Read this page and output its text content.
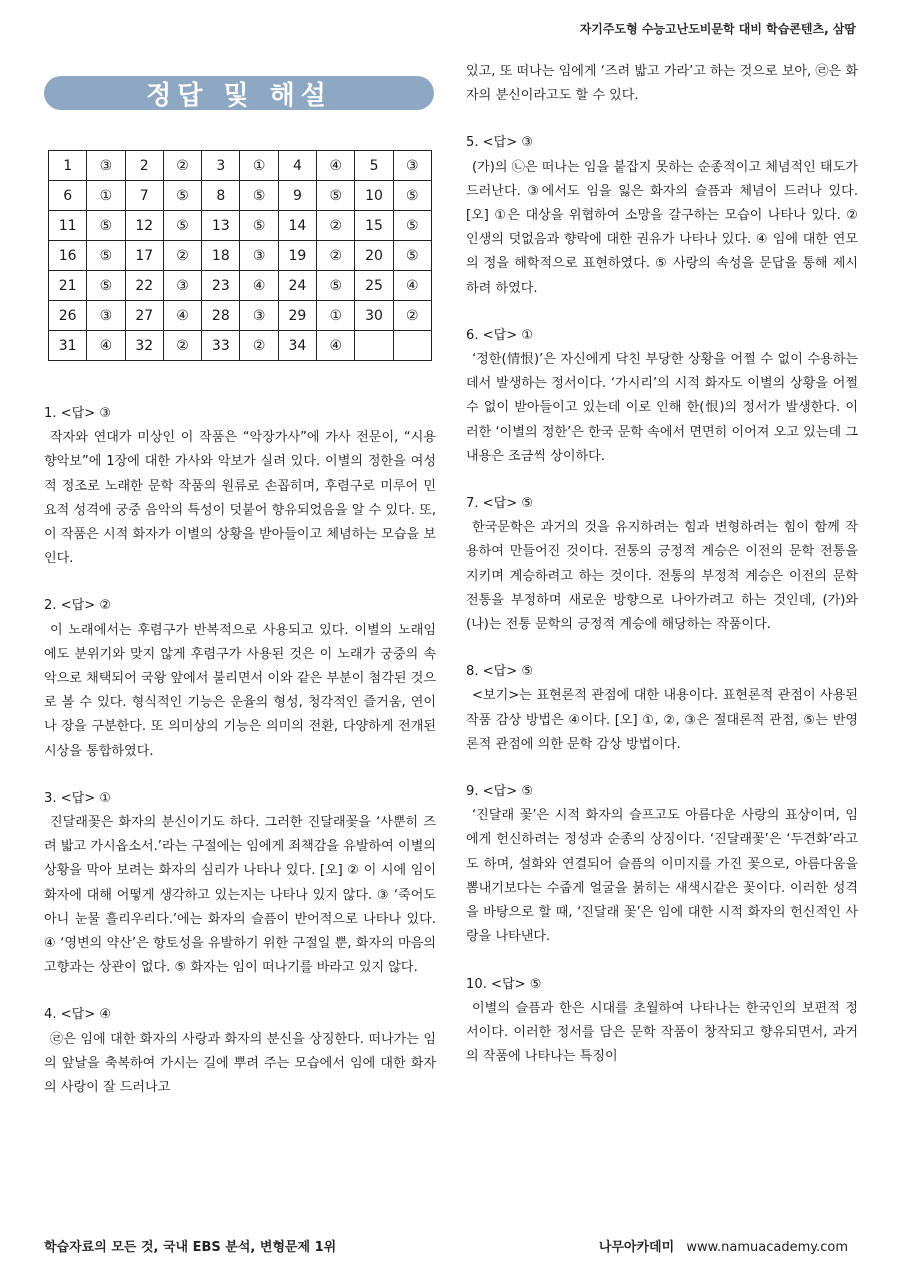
자기주도형 수능고난도비문학 대비 학습콘텐츠, 삼땀
정답 및 해설
1	③	2	②	3	①	4	④	5	③
6	①	7	⑤	8	⑤	9	⑤	10	⑤
11	⑤	12	⑤	13	⑤	14	②	15	⑤
16	⑤	17	②	18	③	19	②	20	⑤
21	⑤	22	③	23	④	24	⑤	25	④
26	③	27	④	28	③	29	①	30	②
31	④	32	②	33	②	34	④		
1. <답> ③
작자와 연대가 미상인 이 작품은 “악장가사”에 가사 전문이, “시용향악보”에 1장에 대한 가사와 악보가 실려 있다. 이별의 정한을 여성적 정조로 노래한 문학 작품의 원류로 손꼽히며, 후렴구로 미루어 민요적 성격에 궁중 음악의 특성이 덧붙어 향유되었음을 알 수 있다. 또, 이 작품은 시적 화자가 이별의 상황을 받아들이고 체념하는 모습을 보인다.
2. <답> ②
이 노래에서는 후렴구가 반복적으로 사용되고 있다. 이별의 노래임에도 분위기와 맞지 않게 후렴구가 사용된 것은 이 노래가 궁중의 속악으로 채택되어 국왕 앞에서 불리면서 이와 같은 부분이 첨각된 것으로 볼 수 있다. 형식적인 기능은 운율의 형성, 청각적인 즐거움, 연이나 장을 구분한다. 또 의미상의 기능은 의미의 전환, 다양하게 전개된 시상을 통합하였다.
3. <답> ①
진달래꽃은 화자의 분신이기도 하다. 그러한 진달래꽃을 ‘사뿐히 즈려 밟고 가시옵소서.’라는 구절에는 임에게 죄책감을 유발하여 이별의 상황을 막아 보려는 화자의 심리가 나타나 있다. [오] ② 이 시에 임이 화자에 대해 어떻게 생각하고 있는지는 나타나 있지 않다. ③ ‘죽어도 아니 눈물 흘리우리다.’에는 화자의 슬픔이 반어적으로 나타나 있다. ④ ‘영변의 약산’은 향토성을 유발하기 위한 구절일 뿐, 화자의 마음의 고향과는 상관이 없다. ⑤ 화자는 임이 떠나기를 바라고 있지 않다.
4. <답> ④
㉣은 임에 대한 화자의 사랑과 화자의 분신을 상징한다. 떠나가는 임의 앞날을 축복하여 가시는 길에 뿌려 주는 모습에서 임에 대한 화자의 사랑이 잘 드러나고
있고, 또 떠나는 임에게 ‘즈려 밟고 가라’고 하는 것으로 보아, ㉣은 화자의 분신이라고도 할 수 있다.
5. <답> ③
(가)의 ㉡은 떠나는 임을 붙잡지 못하는 순종적이고 체념적인 태도가 드러난다. ③에서도 임을 잃은 화자의 슬픔과 체념이 드러나 있다. [오] ①은 대상을 위협하여 소망을 갈구하는 모습이 나타나 있다. ② 인생의 덧없음과 향락에 대한 권유가 나타나 있다. ④ 임에 대한 연모의 정을 해학적으로 표현하였다. ⑤ 사랑의 속성을 문답을 통해 제시하려 하였다.
6. <답> ①
‘정한(情恨)’은 자신에게 닥친 부당한 상황을 어쩔 수 없이 수용하는 데서 발생하는 정서이다. ‘가시리’의 시적 화자도 이별의 상황을 어쩔 수 없이 받아들이고 있는데 이로 인해 한(恨)의 정서가 발생한다. 이러한 ‘이별의 정한’은 한국 문학 속에서 면면히 이어져 오고 있는데 그 내용은 조금씩 상이하다.
7. <답> ⑤
한국문학은 과거의 것을 유지하려는 힘과 변형하려는 힘이 함께 작용하여 만들어진 것이다. 전통의 긍정적 계승은 이전의 문학 전통을 지키며 계승하려고 하는 것이다. 전통의 부정적 계승은 이전의 문학 전통을 부정하며 새로운 방향으로 나아가려고 하는 것인데, (가)와 (나)는 전통 문학의 긍정적 계승에 해당하는 작품이다.
8. <답> ⑤
<보기>는 표현론적 관점에 대한 내용이다. 표현론적 관점이 사용된 작품 감상 방법은 ④이다. [오] ①, ②, ③은 절대론적 관점, ⑤는 반영론적 관점에 의한 문학 감상 방법이다.
9. <답> ⑤
‘진달래 꽃’은 시적 화자의 슬프고도 아름다운 사랑의 표상이며, 임에게 헌신하려는 정성과 순종의 상징이다. ‘진달래꽃’은 ‘두견화’라고도 하며, 설화와 연결되어 슬픔의 이미지를 가진 꽃으로, 아름다움을 뽐내기보다는 수줍게 얼굴을 붉히는 새색시같은 꽃이다. 이러한 성격을 바탕으로 할 때, ‘진달래 꽃’은 임에 대한 시적 화자의 헌신적인 사랑을 나타낸다.
10. <답> ⑤
이별의 슬픔과 한은 시대를 초월하여 나타나는 한국인의 보편적 정서이다. 이러한 정서를 담은 문학 작품이 창작되고 향유되면서, 과거의 작품에 나타나는 특징이
학습자료의 모든 것, 국내 EBS 분석, 변형문제 1위	나무아카데미 www.namuacademy.com
